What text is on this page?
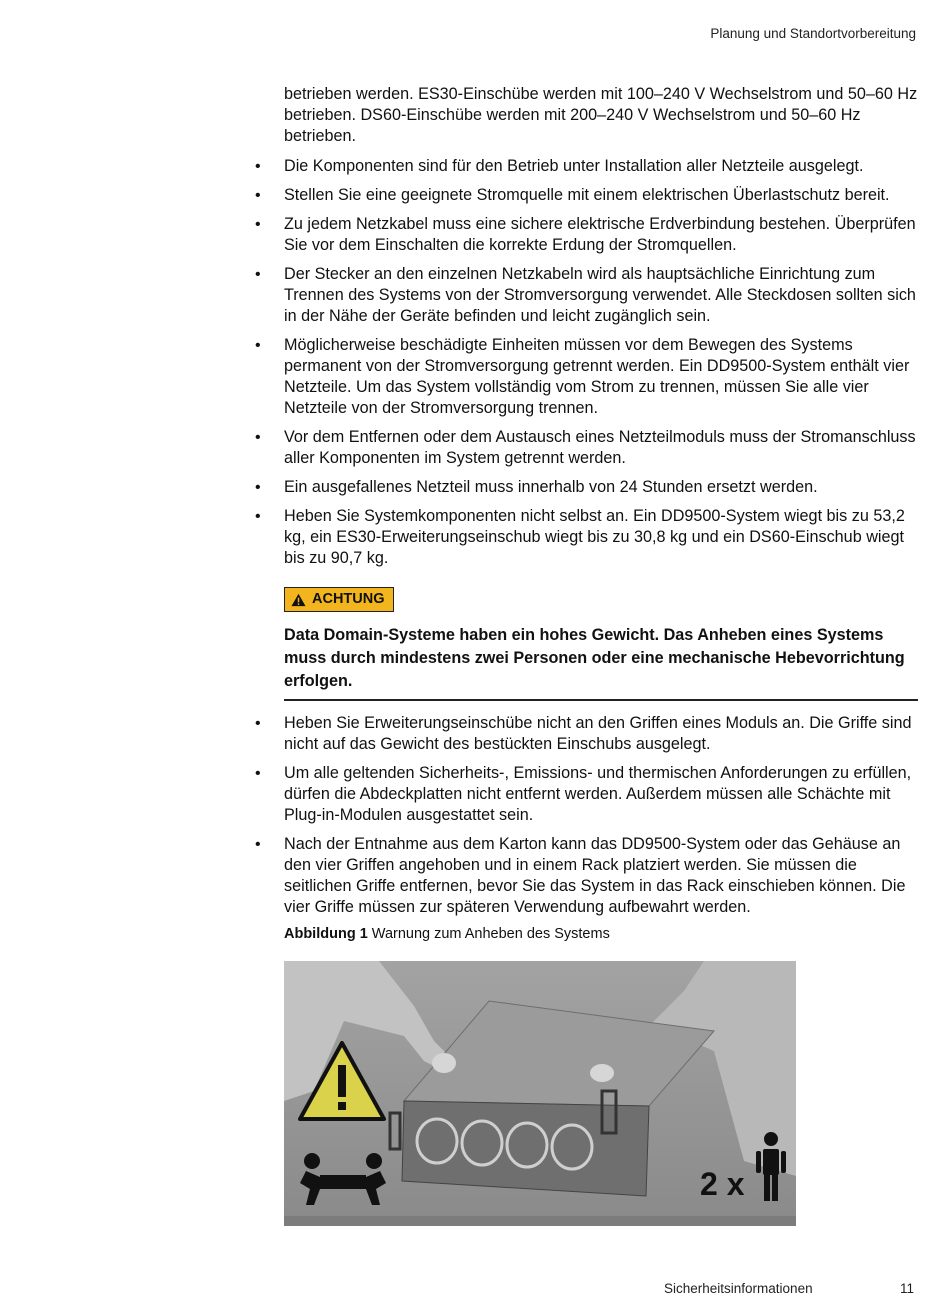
Planung und Standortvorbereitung

betrieben werden. ES30-Einschübe werden mit 100–240 V Wechselstrom und 50–60 Hz betrieben. DS60-Einschübe werden mit 200–240 V Wechselstrom und 50–60 Hz betrieben.

• Die Komponenten sind für den Betrieb unter Installation aller Netzteile ausgelegt.
• Stellen Sie eine geeignete Stromquelle mit einem elektrischen Überlastschutz bereit.
• Zu jedem Netzkabel muss eine sichere elektrische Erdverbindung bestehen. Überprüfen Sie vor dem Einschalten die korrekte Erdung der Stromquellen.
• Der Stecker an den einzelnen Netzkabeln wird als hauptsächliche Einrichtung zum Trennen des Systems von der Stromversorgung verwendet. Alle Steckdosen sollten sich in der Nähe der Geräte befinden und leicht zugänglich sein.
• Möglicherweise beschädigte Einheiten müssen vor dem Bewegen des Systems permanent von der Stromversorgung getrennt werden. Ein DD9500-System enthält vier Netzteile. Um das System vollständig vom Strom zu trennen, müssen Sie alle vier Netzteile von der Stromversorgung trennen.
• Vor dem Entfernen oder dem Austausch eines Netzteilmoduls muss der Stromanschluss aller Komponenten im System getrennt werden.
• Ein ausgefallenes Netzteil muss innerhalb von 24 Stunden ersetzt werden.
• Heben Sie Systemkomponenten nicht selbst an. Ein DD9500-System wiegt bis zu 53,2 kg, ein ES30-Erweiterungseinschub wiegt bis zu 30,8 kg und ein DS60-Einschub wiegt bis zu 90,7 kg.
ACHTUNG

Data Domain-Systeme haben ein hohes Gewicht. Das Anheben eines Systems muss durch mindestens zwei Personen oder eine mechanische Hebevorrichtung erfolgen.

• Heben Sie Erweiterungseinschübe nicht an den Griffen eines Moduls an. Die Griffe sind nicht auf das Gewicht des bestückten Einschubs ausgelegt.
• Um alle geltenden Sicherheits-, Emissions- und thermischen Anforderungen zu erfüllen, dürfen die Abdeckplatten nicht entfernt werden. Außerdem müssen alle Schächte mit Plug-in-Modulen ausgestattet sein.
• Nach der Entnahme aus dem Karton kann das DD9500-System oder das Gehäuse an den vier Griffen angehoben und in einem Rack platziert werden. Sie müssen die seitlichen Griffe entfernen, bevor Sie das System in das Rack einschieben können. Die vier Griffe müssen zur späteren Verwendung aufbewahrt werden.
Abbildung 1 Warnung zum Anheben des Systems
2 x
Sicherheitsinformationen	11
